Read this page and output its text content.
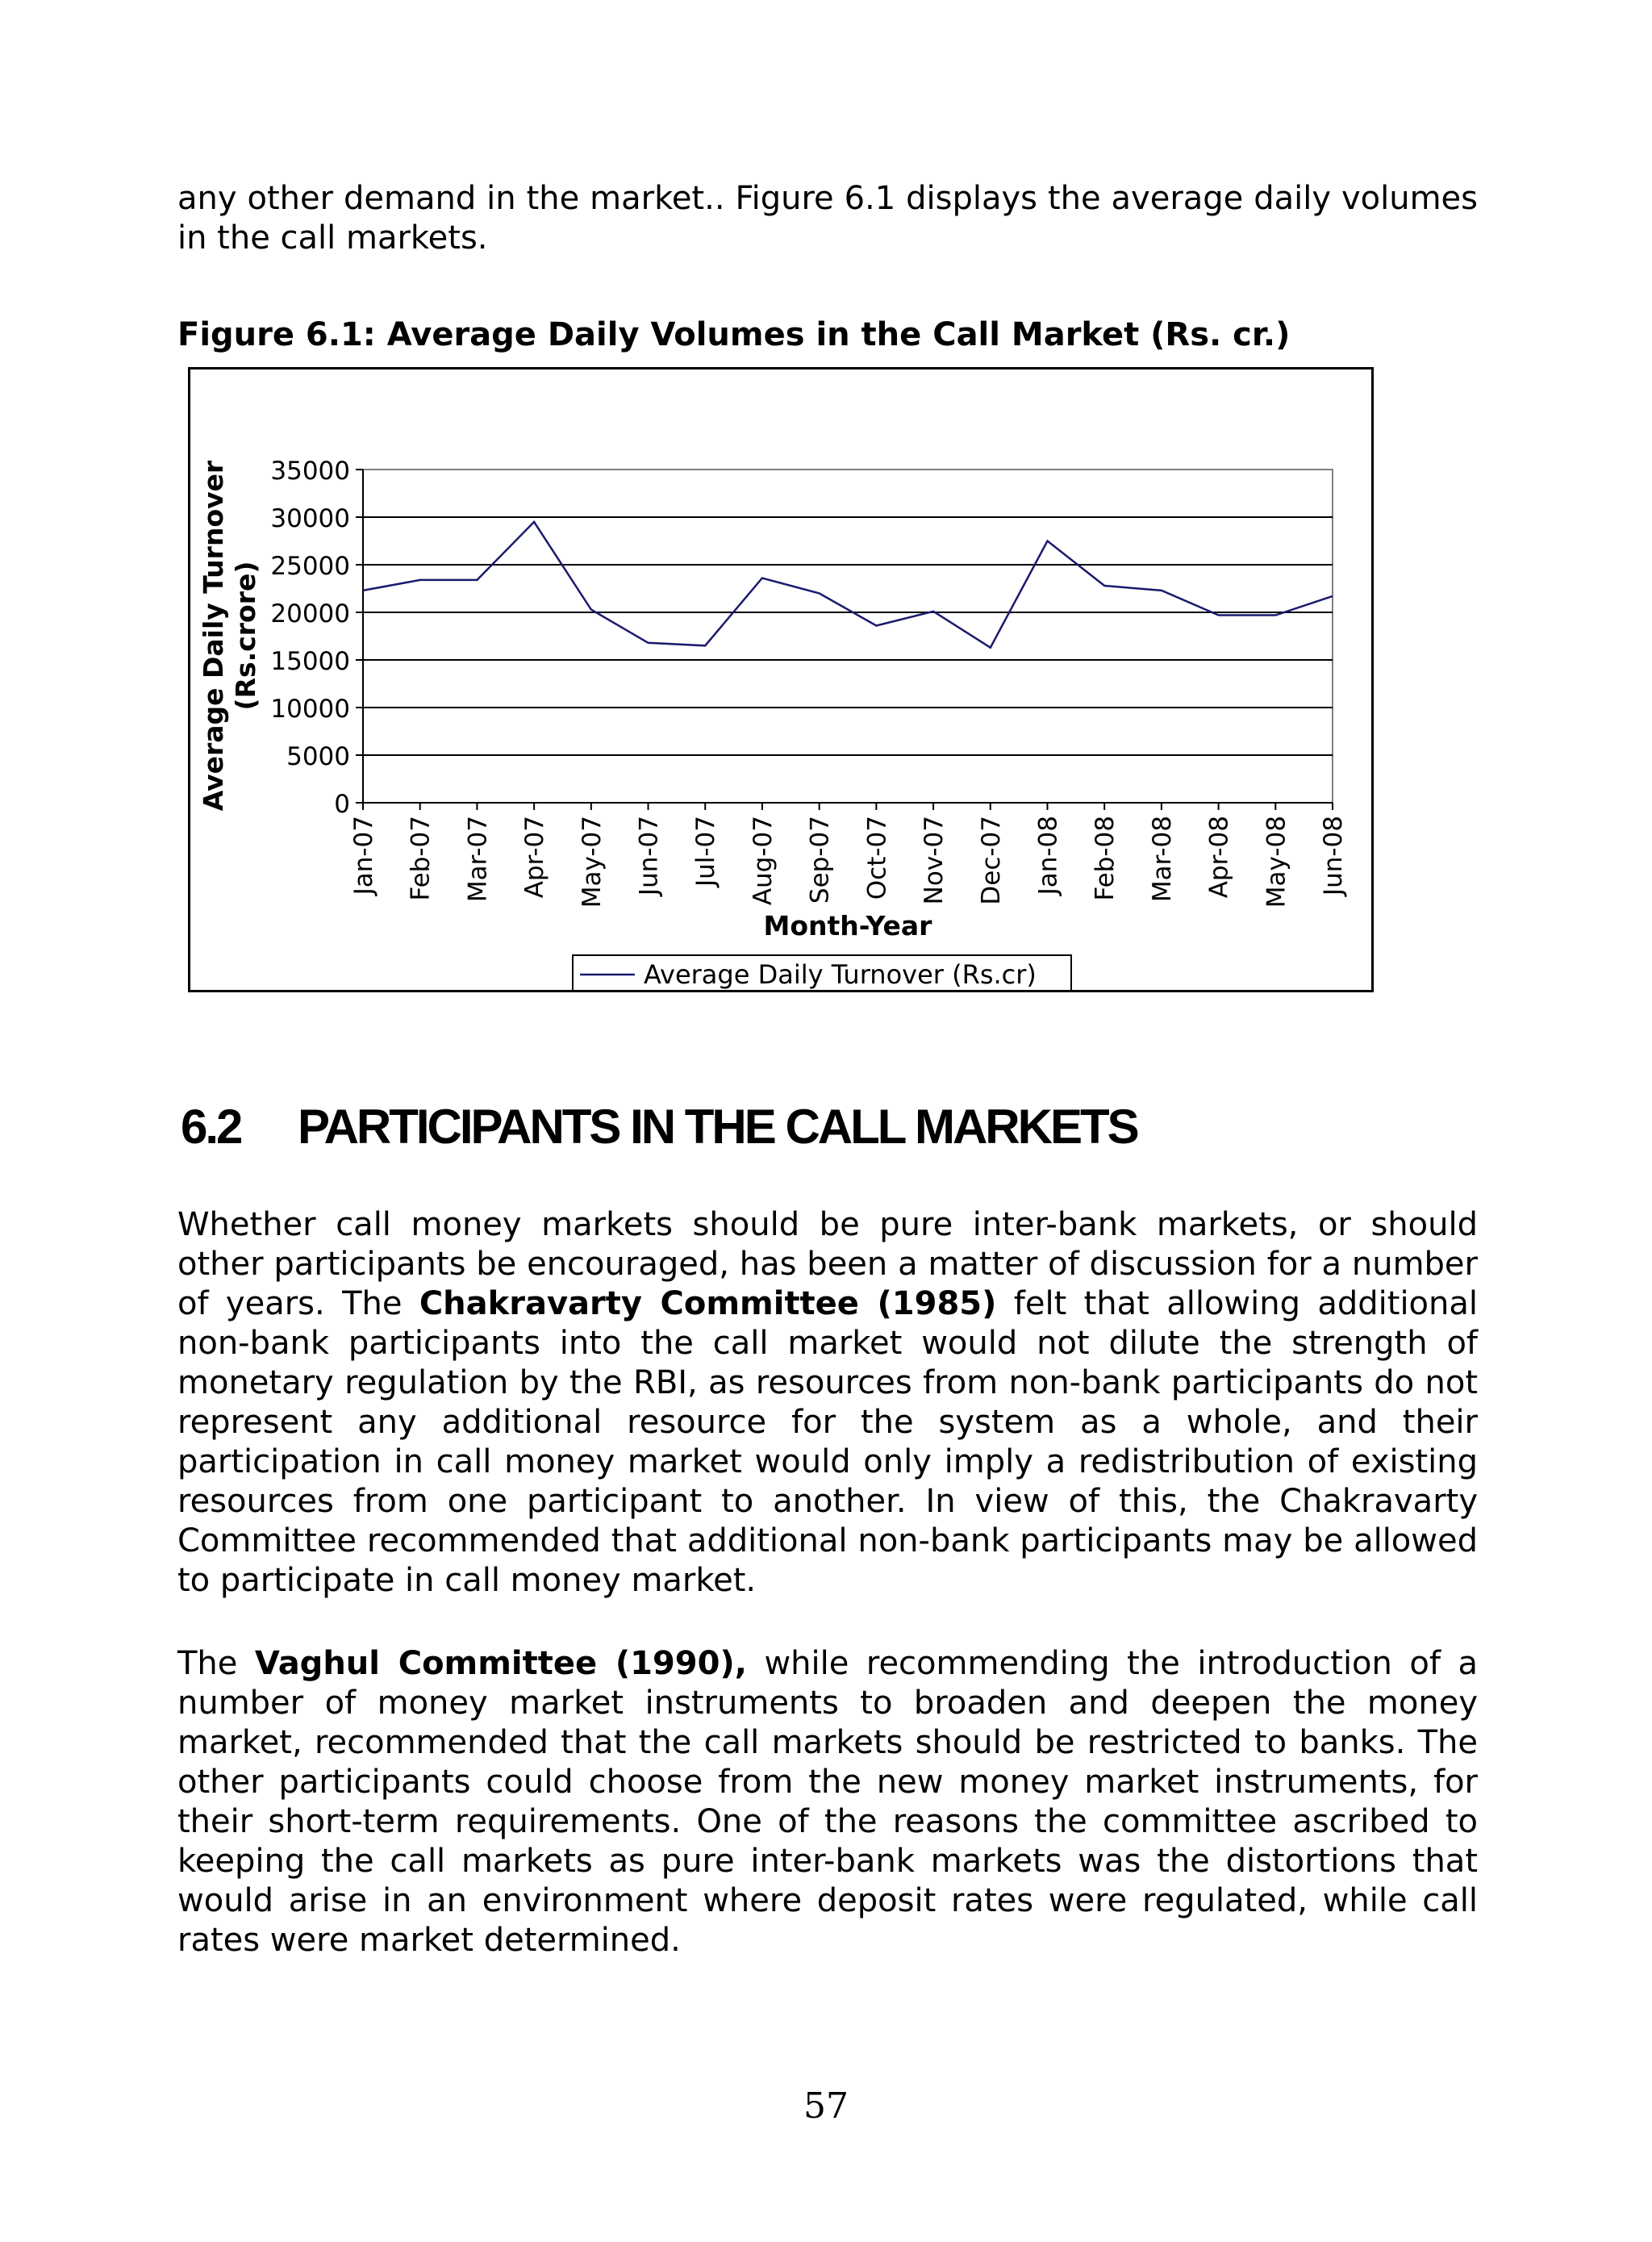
any other demand in the market.. Figure 6.1 displays the average daily volumes in the call markets.

Figure 6.1: Average Daily Volumes in the Call Market (Rs. cr.)

0
5000
10000
15000
20000
25000
30000
35000
Jan-07 Feb-07 Mar-07 Apr-07 May-07 Jun-07 Jul-07 Aug-07 Sep-07 Oct-07 Nov-07 Dec-07 Jan-08 Feb-08 Mar-08 Apr-08 May-08 Jun-08
Average Daily Turnover (Rs.crore)
Month-Year
Average Daily Turnover (Rs.cr)
6.2 PARTICIPANTS IN THE CALL MARKETS

Whether call money markets should be pure inter-bank markets, or should other participants be encouraged, has been a matter of discussion for a number of years. The Chakravarty Committee (1985) felt that allowing additional non-bank participants into the call market would not dilute the strength of monetary regulation by the RBI, as resources from non-bank participants do not represent any additional resource for the system as a whole, and their participation in call money market would only imply a redistribution of existing resources from one participant to another. In view of this, the Chakravarty Committee recommended that additional non-bank participants may be allowed to participate in call money market.

The Vaghul Committee (1990), while recommending the introduction of a number of money market instruments to broaden and deepen the money market, recommended that the call markets should be restricted to banks. The other participants could choose from the new money market instruments, for their short-term requirements. One of the reasons the committee ascribed to keeping the call markets as pure inter-bank markets was the distortions that would arise in an environment where deposit rates were regulated, while call rates were market determined.

57
